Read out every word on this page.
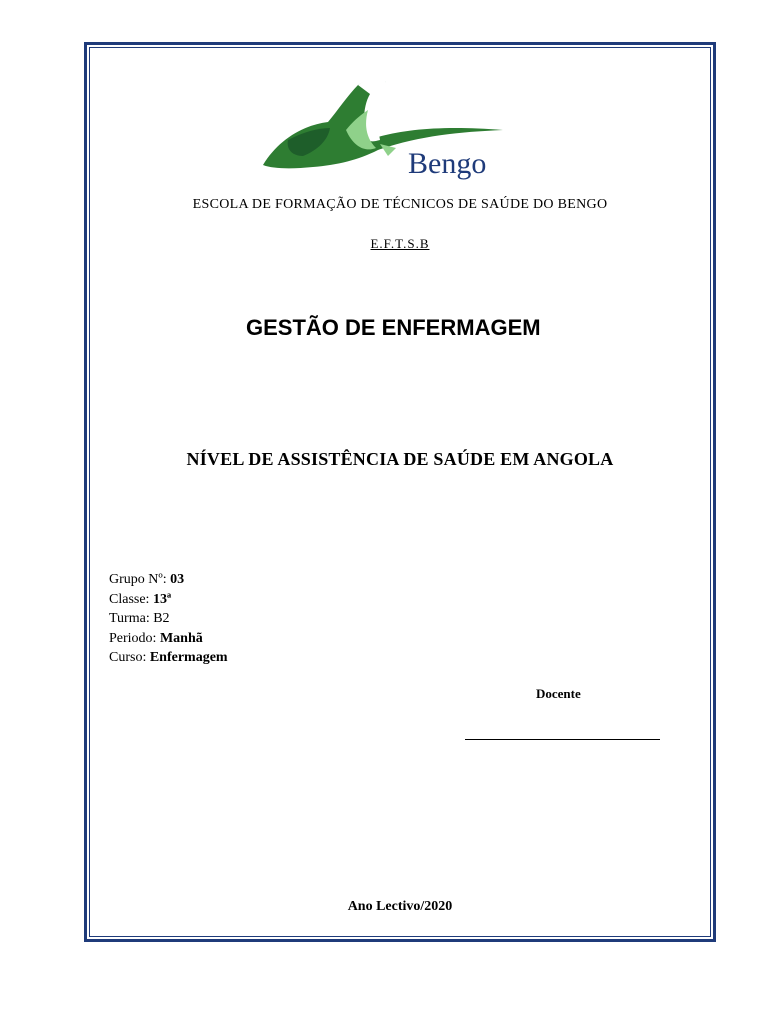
Bengo
ESCOLA DE FORMAÇÃO DE TÉCNICOS DE SAÚDE DO BENGO
E.F.T.S.B
GESTÃO DE ENFERMAGEM
NÍVEL DE ASSISTÊNCIA DE SAÚDE EM ANGOLA
Grupo Nº: 03
Classe: 13ª
Turma: B2
Periodo: Manhã
Curso: Enfermagem
Docente
Ano Lectivo/2020
